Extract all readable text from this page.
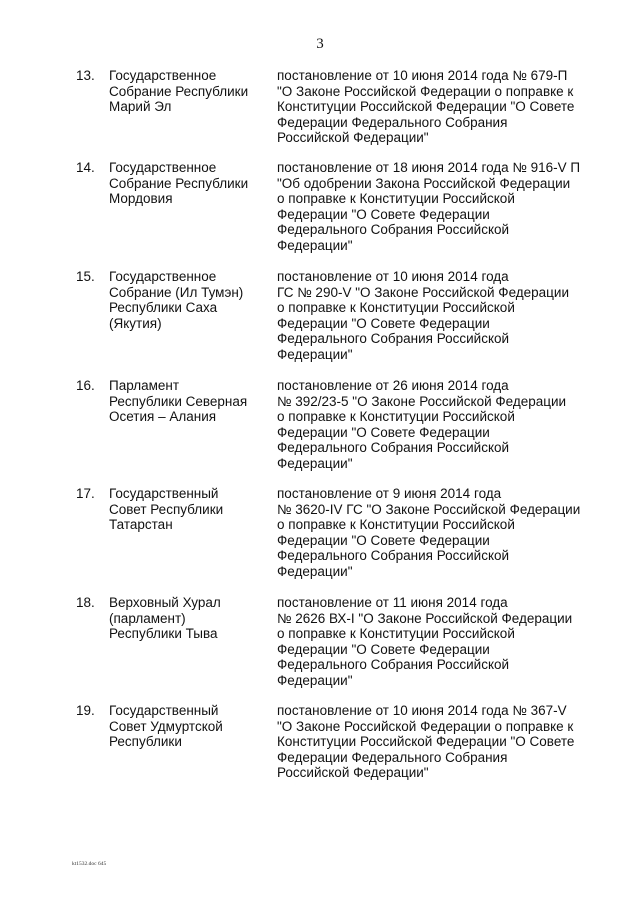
3
13. Государственное
Собрание Республики
Марий Эл
постановление от 10 июня 2014 года № 679-П
"О Законе Российской Федерации о поправке к
Конституции Российской Федерации "О Совете
Федерации Федерального Собрания
Российской Федерации"
14. Государственное
Собрание Республики
Мордовия
постановление от 18 июня 2014 года № 916-V П
"Об одобрении Закона Российской Федерации
о поправке к Конституции Российской
Федерации "О Совете Федерации
Федерального Собрания Российской
Федерации"
15. Государственное
Собрание (Ил Тумэн)
Республики Саха
(Якутия)
постановление от 10 июня 2014 года
ГС № 290-V "О Законе Российской Федерации
о поправке к Конституции Российской
Федерации "О Совете Федерации
Федерального Собрания Российской
Федерации"
16. Парламент
Республики Северная
Осетия – Алания
постановление от 26 июня 2014 года
№ 392/23-5 "О Законе Российской Федерации
о поправке к Конституции Российской
Федерации "О Совете Федерации
Федерального Собрания Российской
Федерации"
17. Государственный
Совет Республики
Татарстан
постановление от 9 июня 2014 года
№ 3620-IV ГС "О Законе Российской Федерации
о поправке к Конституции Российской
Федерации "О Совете Федерации
Федерального Собрания Российской
Федерации"
18. Верховный Хурал
(парламент)
Республики Тыва
постановление от 11 июня 2014 года
№ 2626 ВХ-I "О Законе Российской Федерации
о поправке к Конституции Российской
Федерации "О Совете Федерации
Федерального Собрания Российской
Федерации"
19. Государственный
Совет Удмуртской
Республики
постановление от 10 июня 2014 года № 367-V
"О Законе Российской Федерации о поправке к
Конституции Российской Федерации "О Совете
Федерации Федерального Собрания
Российской Федерации"
kt1532.doc 645
